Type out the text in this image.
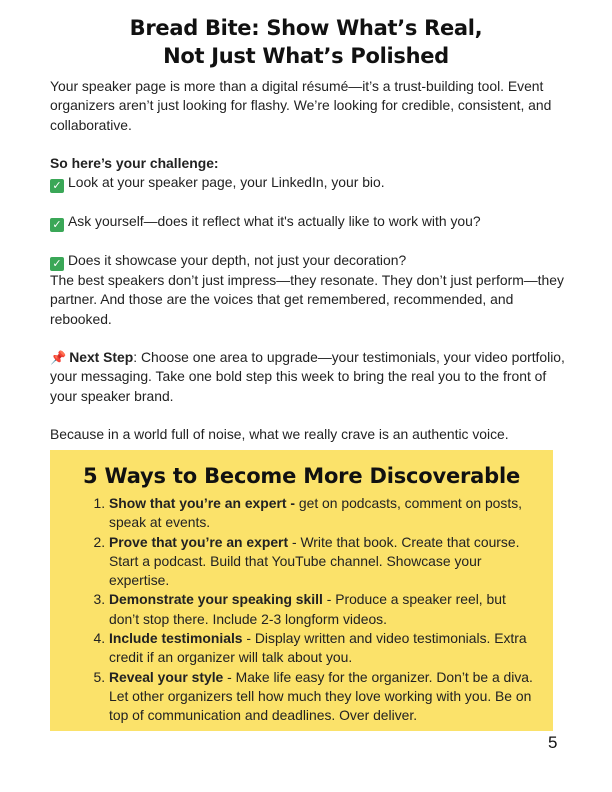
Bread Bite: Show What’s Real,
Not Just What’s Polished

Your speaker page is more than a digital résumé—it’s a trust-building tool. Event organizers aren’t just looking for flashy. We’re looking for credible, consistent, and collaborative.

So here’s your challenge:

✓ Look at your speaker page, your LinkedIn, your bio.

✓ Ask yourself—does it reflect what it's actually like to work with you?

✓ Does it showcase your depth, not just your decoration?

The best speakers don’t just impress—they resonate. They don’t just perform—they partner. And those are the voices that get remembered, recommended, and rebooked.

📌 Next Step: Choose one area to upgrade—your testimonials, your video portfolio, your messaging. Take one bold step this week to bring the real you to the front of your speaker brand.

Because in a world full of noise, what we really crave is an authentic voice.

5 Ways to Become More Discoverable
1. Show that you’re an expert - get on podcasts, comment on posts, speak at events.
2. Prove that you’re an expert - Write that book. Create that course. Start a podcast. Build that YouTube channel. Showcase your expertise.
3. Demonstrate your speaking skill - Produce a speaker reel, but don’t stop there. Include 2-3 longform videos.
4. Include testimonials - Display written and video testimonials. Extra credit if an organizer will talk about you.
5. Reveal your style - Make life easy for the organizer. Don’t be a diva. Let other organizers tell how much they love working with you. Be on top of communication and deadlines. Over deliver.
5
